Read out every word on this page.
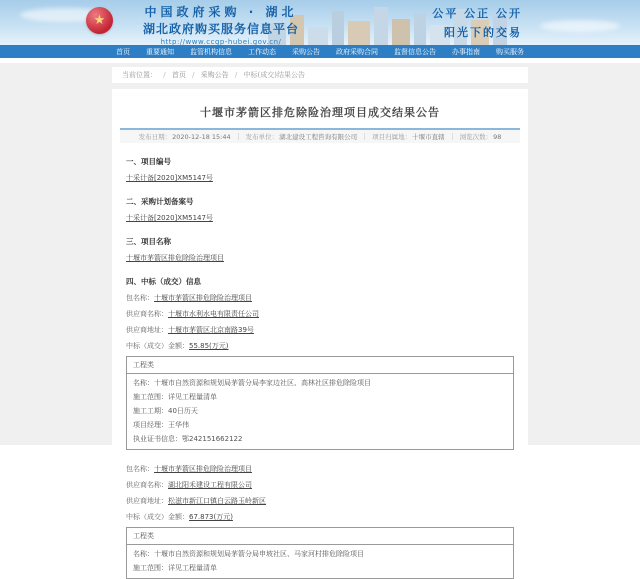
★
中国政府采购 · 湖北
湖北政府购买服务信息平台
http://www.ccgp-hubei.gov.cn/
公平 公正 公开
阳光下的交易
首页 重要通知 监管机构信息 工作动态 采购公告 政府采购合同 监督信息公告 办事指南 购买服务
当前位置： / 首页 / 采购公告 / 中标(成交)结果公告
十堰市茅箭区排危除险治理项目成交结果公告
发布日期：2020-12-18 15:44 发布单位：湖北建设工程咨询有限公司 项目归属地：十堰市直辖 浏览次数：98
一、项目编号
十采计备[2020]XM5147号
二、采购计划备案号
十采计备[2020]XM5147号
三、项目名称
十堰市茅箭区排危除险治理项目
四、中标（成交）信息
包名称：十堰市茅箭区排危除险治理项目
供应商名称：十堰市水利水电有限责任公司
供应商地址：十堰市茅箭区北京南路39号
中标（成交）金额：55.85(万元)
工程类
名称：十堰市自然资源和规划局茅箭分局李家边社区、高林社区排危除险项目
施工范围：详见工程量清单
施工工期：40日历天
项目经理：王华伟
执业证书信息：鄂242151662122
包名称：十堰市茅箭区排危除险治理项目
供应商名称：湖北阳禾建设工程有限公司
供应商地址：松滋市新江口镇白云路玉岭新区
中标（成交）金额：67.873(万元)
工程类
名称：十堰市自然资源和规划局茅箭分局申坡社区、马家河村排危除险项目
施工范围：详见工程量清单
